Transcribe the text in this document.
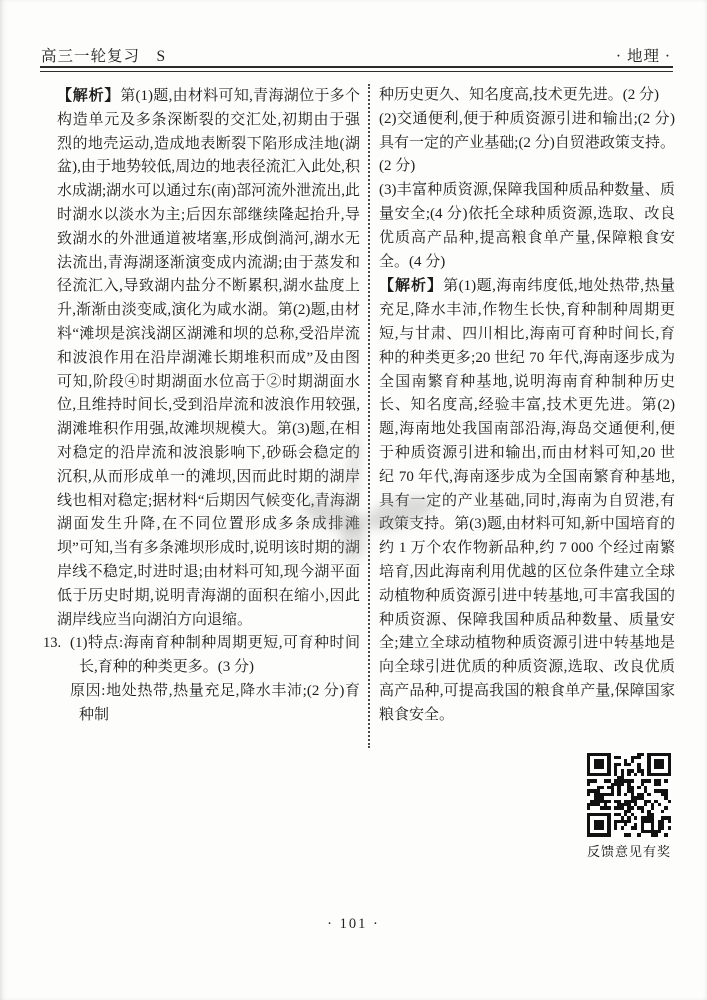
高三一轮复习　S	· 地理 ·

【解析】第(1)题,由材料可知,青海湖位于多个构造单元及多条深断裂的交汇处,初期由于强烈的地壳运动,造成地表断裂下陷形成洼地(湖盆),由于地势较低,周边的地表径流汇入此处,积水成湖;湖水可以通过东(南)部河流外泄流出,此时湖水以淡水为主;后因东部继续隆起抬升,导致湖水的外泄通道被堵塞,形成倒淌河,湖水无法流出,青海湖逐渐演变成内流湖;由于蒸发和径流汇入,导致湖内盐分不断累积,湖水盐度上升,渐渐由淡变咸,演化为咸水湖。第(2)题,由材料“滩坝是滨浅湖区湖滩和坝的总称,受沿岸流和波浪作用在沿岸湖滩长期堆积而成”及由图可知,阶段④时期湖面水位高于②时期湖面水位,且维持时间长,受到沿岸流和波浪作用较强,湖滩堆积作用强,故滩坝规模大。第(3)题,在相对稳定的沿岸流和波浪影响下,砂砾会稳定的沉积,从而形成单一的滩坝,因而此时期的湖岸线也相对稳定;据材料“后期因气候变化,青海湖湖面发生升降,在不同位置形成多条成排滩坝”可知,当有多条滩坝形成时,说明该时期的湖岸线不稳定,时进时退;由材料可知,现今湖平面低于历史时期,说明青海湖的面积在缩小,因此湖岸线应当向湖泊方向退缩。

13. (1)特点:海南育种制种周期更短,可育种时间长,育种的种类更多。(3 分)

原因:地处热带,热量充足,降水丰沛;(2 分)育种制

种历史更久、知名度高,技术更先进。(2 分)

(2)交通便利,便于种质资源引进和输出;(2 分)具有一定的产业基础;(2 分)自贸港政策支持。(2 分)

(3)丰富种质资源,保障我国种质品种数量、质量安全;(4 分)依托全球种质资源,选取、改良优质高产品种,提高粮食单产量,保障粮食安全。(4 分)

【解析】第(1)题,海南纬度低,地处热带,热量充足,降水丰沛,作物生长快,育种制种周期更短,与甘肃、四川相比,海南可育种时间长,育种的种类更多;20 世纪 70 年代,海南逐步成为全国南繁育种基地,说明海南育种制种历史长、知名度高,经验丰富,技术更先进。第(2)题,海南地处我国南部沿海,海岛交通便利,便于种质资源引进和输出,而由材料可知,20 世纪 70 年代,海南逐步成为全国南繁育种基地,具有一定的产业基础,同时,海南为自贸港,有政策支持。第(3)题,由材料可知,新中国培育的约 1 万个农作物新品种,约 7 000 个经过南繁培育,因此海南利用优越的区位条件建立全球动植物种质资源引进中转基地,可丰富我国的种质资源、保障我国种质品种数量、质量安全;建立全球动植物种质资源引进中转基地是向全球引进优质的种质资源,选取、改良优质高产品种,可提高我国的粮食单产量,保障国家粮食安全。

反馈意见有奖
· 101 ·
